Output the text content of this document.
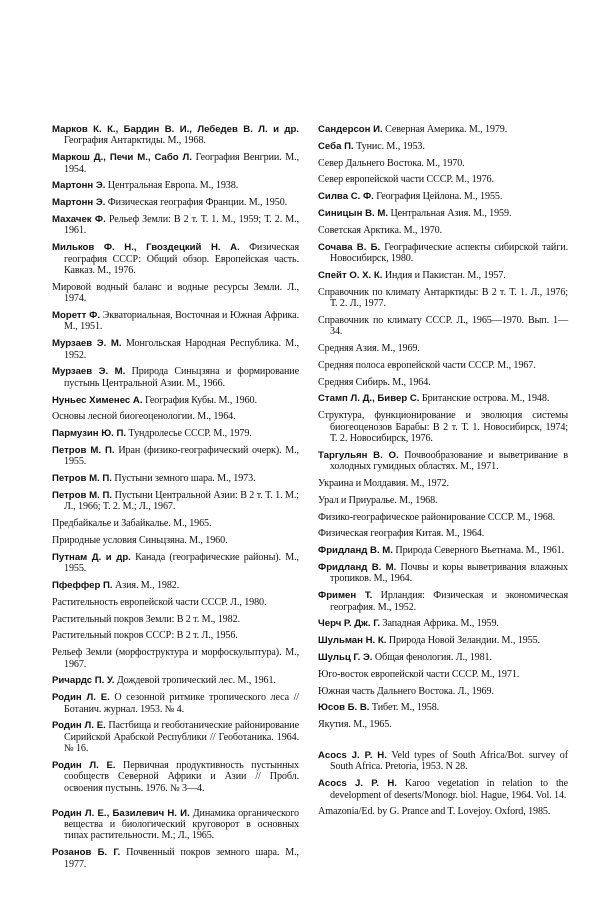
Марков К. К., Бардин В. И., Лебедев В. Л. и др. География Антарктиды. М., 1968.

Маркош Д., Печи М., Сабо Л. География Венгрии. М., 1954.

Мартонн Э. Центральная Европа. М., 1938.

Мартонн Э. Физическая география Франции. М., 1950.

Махачек Ф. Рельеф Земли: В 2 т. Т. 1. М., 1959; Т. 2. М., 1961.

Мильков Ф. Н., Гвоздецкий Н. А. Физическая география СССР: Общий обзор. Европейская часть. Кавказ. М., 1976.

Мировой водный баланс и водные ресурсы Земли. Л., 1974.

Моретт Ф. Экваториальная, Восточная и Южная Африка. М., 1951.

Мурзаев Э. М. Монгольская Народная Республика. М., 1952.

Мурзаев Э. М. Природа Синьцзяна и формирование пустынь Центральной Азии. М., 1966.

Нуньес Хименес А. География Кубы. М., 1960.

Основы лесной биогеоценологии. М., 1964.

Пармузин Ю. П. Тундролесье СССР. М., 1979.

Петров М. П. Иран (физико-географический очерк). М., 1955.

Петров М. П. Пустыни земного шара. М., 1973.

Петров М. П. Пустыни Центральной Азии: В 2 т. Т. 1. М.; Л., 1966; Т. 2. М.; Л., 1967.

Предбайкалье и Забайкалье. М., 1965.

Природные условия Синьцзяна. М., 1960.

Путнам Д. и др. Канада (географические районы). М., 1955.

Пфеффер П. Азия. М., 1982.

Растительность европейской части СССР. Л., 1980.

Растительный покров Земли: В 2 т. М., 1982.

Растительный покров СССР: В 2 т. Л., 1956.

Рельеф Земли (морфоструктура и морфоскульптура). М., 1967.

Ричардс П. У. Дождевой тропический лес. М., 1961.

Родин Л. Е. О сезонной ритмике тропического леса // Ботанич. журнал. 1953. № 4.

Родин Л. Е. Пастбища и геоботанические районирование Сирийской Арабской Республики // Геоботаника. 1964. № 16.

Родин Л. Е. Первичная продуктивность пустынных сообществ Северной Африки и Азии // Пробл. освоения пустынь. 1976. № 3—4.

Родин Л. Е., Базилевич Н. И. Динамика органического вещества и биологический круговорот в основных типах растительности. М.; Л., 1965.

Розанов Б. Г. Почвенный покров земного шара. М., 1977.

Сандерсон И. Северная Америка. М., 1979.

Себа П. Тунис. М., 1953.

Север Дальнего Востока. М., 1970.

Север европейской части СССР. М., 1976.

Силва С. Ф. География Цейлона. М., 1955.

Синицын В. М. Центральная Азия. М., 1959.

Советская Арктика. М., 1970.

Сочава В. Б. Географические аспекты сибирской тайги. Новосибирск, 1980.

Спейт О. Х. К. Индия и Пакистан. М., 1957.

Справочник по климату Антарктиды: В 2 т. Т. 1. Л., 1976; Т. 2. Л., 1977.

Справочник по климату СССР. Л., 1965—1970. Вып. 1—34.

Средняя Азия. М., 1969.

Средняя полоса европейской части СССР. М., 1967.

Средняя Сибирь. М., 1964.

Стамп Л. Д., Бивер С. Британские острова. М., 1948.

Структура, функционирование и эволюция системы биогеоценозов Барабы: В 2 т. Т. 1. Новосибирск, 1974; Т. 2. Новосибирск, 1976.

Таргульян В. О. Почвообразование и выветривание в холодных гумидных областях. М., 1971.

Украина и Молдавия. М., 1972.

Урал и Приуралье. М., 1968.

Физико-географическое районирование СССР. М., 1968.

Физическая география Китая. М., 1964.

Фридланд В. М. Природа Северного Вьетнама. М., 1961.

Фридланд В. М. Почвы и коры выветривания влажных тропиков. М., 1964.

Фримен Т. Ирландия: Физическая и экономическая география. М., 1952.

Черч Р. Дж. Г. Западная Африка. М., 1959.

Шульман Н. К. Природа Новой Зеландии. М., 1955.

Шульц Г. Э. Общая фенология. Л., 1981.

Юго-восток европейской части СССР. М., 1971.

Южная часть Дальнего Востока. Л., 1969.

Юсов Б. В. Тибет. М., 1958.

Якутия. М., 1965.

Acocs J. P. H. Veld types of South Africa/Bot. survey of South Africa. Pretoria, 1953. N 28.

Acocs J. P. H. Karoo vegetation in relation to the development of deserts/Monogr. biol. Hague, 1964. Vol. 14.

Amazonia/Ed. by G. Prance and T. Lovejoy. Oxford, 1985.
